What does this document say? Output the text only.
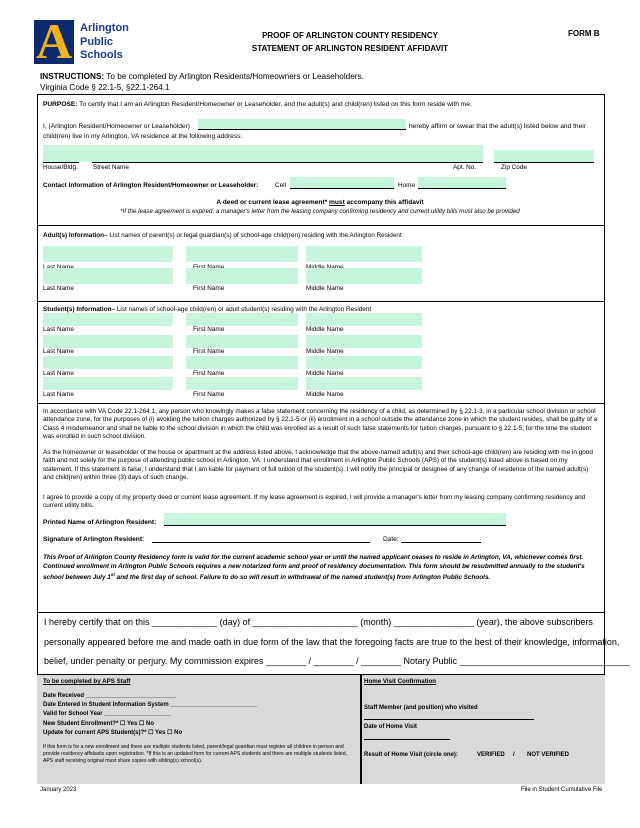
A Arlington
Public
Schools
PROOF OF ARLINGTON COUNTY RESIDENCY
STATEMENT OF ARLINGTON RESIDENT AFFIDAVIT
FORM B
INSTRUCTIONS: To be completed by Arlington Residents/Homeowners or Leaseholders.
Virginia Code § 22.1-5, §22.1-264.1
PURPOSE: To certify that I am an Arlington Resident/Homeowner or Leaseholder, and the adult(s) and child(ren) listed on this form reside with me.
I, (Arlington Resident/Homeowner or Leaseholder)	hereby affirm or swear that the adult(s) listed below and their
child(ren) live in my Arlington, VA residence at the following address:
House/Bldg. Street Name	Apt. No.	Zip Code
Contact Information of Arlington Resident/Homeowner or Leaseholder:	Cell	Home
A deed or current lease agreement* must accompany this affidavit
*If the lease agreement is expired, a manager's letter from the leasing company confirming residency and current utility bills must also be provided
Adult(s) Information– List names of parent(s) or legal guardian(s) of school-age child(ren) residing with the Arlington Resident
Last Name	First Name	Middle Name
Student(s) Information– List names of school-age child(ren) or adult student(s) residing with the Arlington Resident
Last Name	First Name	Middle Name
Last Name	First Name	Middle Name
Last Name	First Name	Middle Name
Last Name	First Name	Middle Name
In accordance with VA Code 22.1-264.1, any person who knowingly makes a false statement concerning the residency of a child, as determined by § 22.1-3, in a particular school division or school attendance zone, for the purposes of (i) avoiding the tuition charges authorized by § 22.1-5 or (ii) enrollment in a school outside the attendance zone in which the student resides, shall be guilty of a Class 4 misdemeanor and shall be liable to the school division in which the child was enrolled as a result of such false statements for tuition charges, pursuant to § 22.1-5, for the time the student was enrolled in such school division.
As the homeowner or leaseholder of the house or apartment at the address listed above, I acknowledge that the above-named adult(s) and their school-age child(ren) are residing with me in good faith and not solely for the purpose of attending public school in Arlington, VA. I understand that enrollment in Arlington Public Schools (APS) of the student(s) listed above is based on my statement. If this statement is false, I understand that I am liable for payment of full tuition of the student(s). I will notify the principal or designee of any change of residence of the named adult(s) and child(ren) within three (3) days of such change.
I agree to provide a copy of my property deed or current lease agreement. If my lease agreement is expired, I will provide a manager's letter from my leasing company confirming residency and current utility bills.
Printed Name of Arlington Resident:
Signature of Arlington Resident:	Date:
This Proof of Arlington County Residency form is valid for the current academic school year or until the named applicant ceases to reside in Arlington, VA, whichever comes first. Continued enrollment in Arlington Public Schools requires a new notarized form and proof of residency documentation. This form should be resubmitted annually to the student's school between July 1st and the first day of school. Failure to do so will result in withdrawal of the named student(s) from Arlington Public Schools.
I hereby certify that on this _____________ (day) of _____________________ (month) ________________ (year), the above subscribers
personally appeared before me and made oath in due form of the law that the foregoing facts are true to the best of their knowledge, information,
belief, under penalty or perjury. My commission expires ________ / ________ / ________ Notary Public __________________________________
To be completed by APS Staff
Date Received ___________________________
Date Entered in Student Information System __________________________
Valid for School Year ____________________
New Student Enrollment?* ☐ Yes ☐ No
Update for current APS Student(s)?* ☐ Yes ☐ No
If this form is for a new enrollment and there are multiple students listed, parent/legal guardian must register all children in person and provide residency affidavits upon registration. *If this is an updated form for current APS students and there are multiple students listed, APS staff receiving original must share copies with sibling(s) school(s).
Home Visit Confirmation
Staff Member (and position) who visited
Date of Home Visit
Result of Home Visit (circle one):	VERIFIED / NOT VERIFIED
January 2023	File in Student Cumulative File
